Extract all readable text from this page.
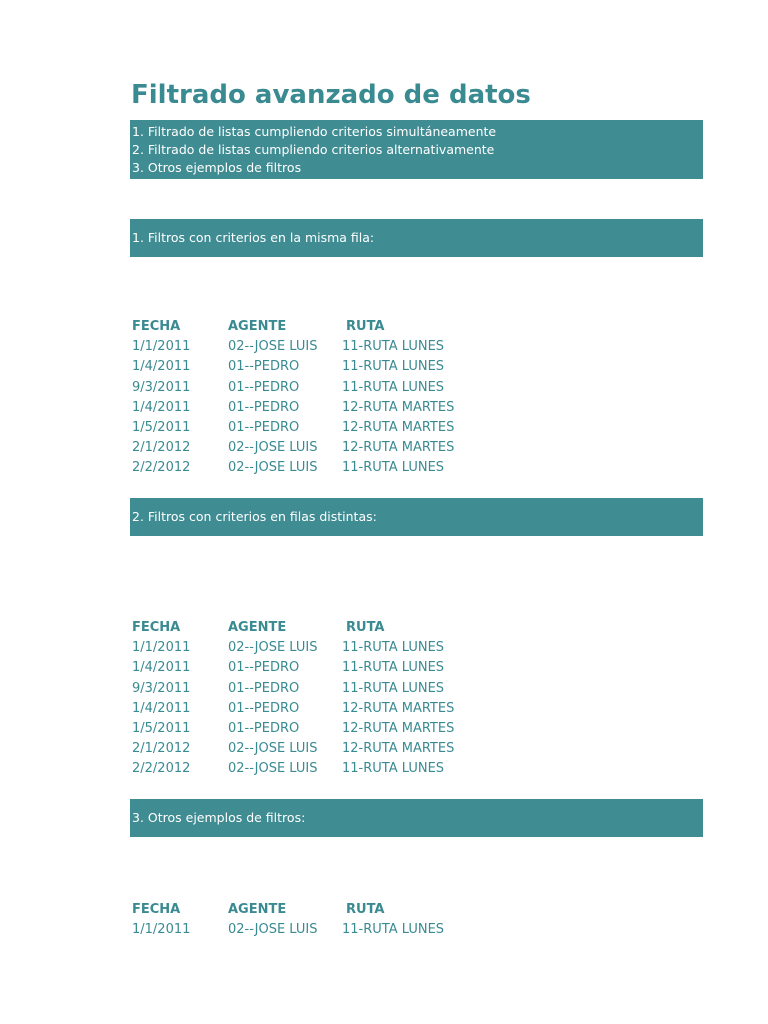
Filtrado avanzado de datos
1. Filtrado de listas cumpliendo criterios simultáneamente
2. Filtrado de listas cumpliendo criterios alternativamente
3. Otros ejemplos de filtros
1. Filtros con criterios en la misma fila:
FECHA	AGENTE	RUTA
1/1/2011	02--JOSE LUIS 11-RUTA LUNES
1/4/2011	01--PEDRO	11-RUTA LUNES
9/3/2011	01--PEDRO	11-RUTA LUNES
1/4/2011	01--PEDRO	12-RUTA MARTES
1/5/2011	01--PEDRO	12-RUTA MARTES
2/1/2012	02--JOSE LUIS 12-RUTA MARTES
2/2/2012	02--JOSE LUIS 11-RUTA LUNES
2. Filtros con criterios en filas distintas:
FECHA	AGENTE	RUTA
1/1/2011	02--JOSE LUIS 11-RUTA LUNES
1/4/2011	01--PEDRO	11-RUTA LUNES
9/3/2011	01--PEDRO	11-RUTA LUNES
1/4/2011	01--PEDRO	12-RUTA MARTES
1/5/2011	01--PEDRO	12-RUTA MARTES
2/1/2012	02--JOSE LUIS 12-RUTA MARTES
2/2/2012	02--JOSE LUIS 11-RUTA LUNES
3. Otros ejemplos de filtros:
FECHA	AGENTE	RUTA
1/1/2011	02--JOSE LUIS 11-RUTA LUNES
